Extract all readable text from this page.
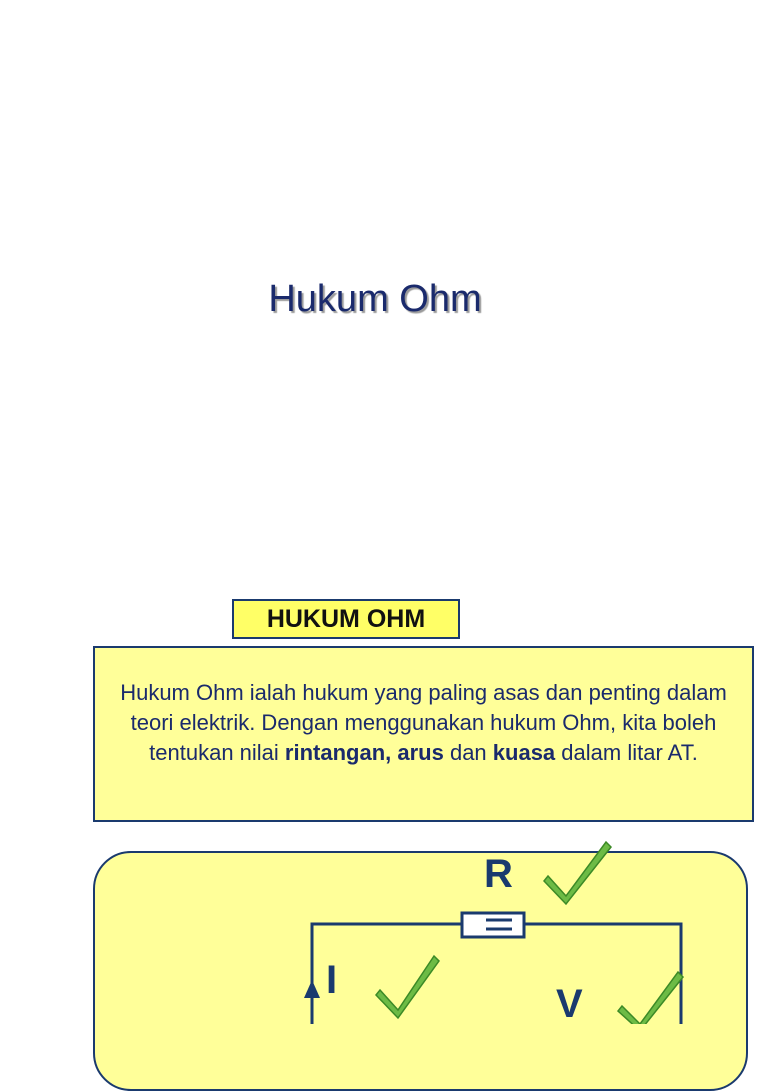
Hukum Ohm
HUKUM OHM
Hukum Ohm ialah hukum yang paling asas dan penting dalam teori elektrik. Dengan menggunakan hukum Ohm, kita boleh tentukan nilai rintangan, arus dan kuasa dalam litar AT.
R
I
V
